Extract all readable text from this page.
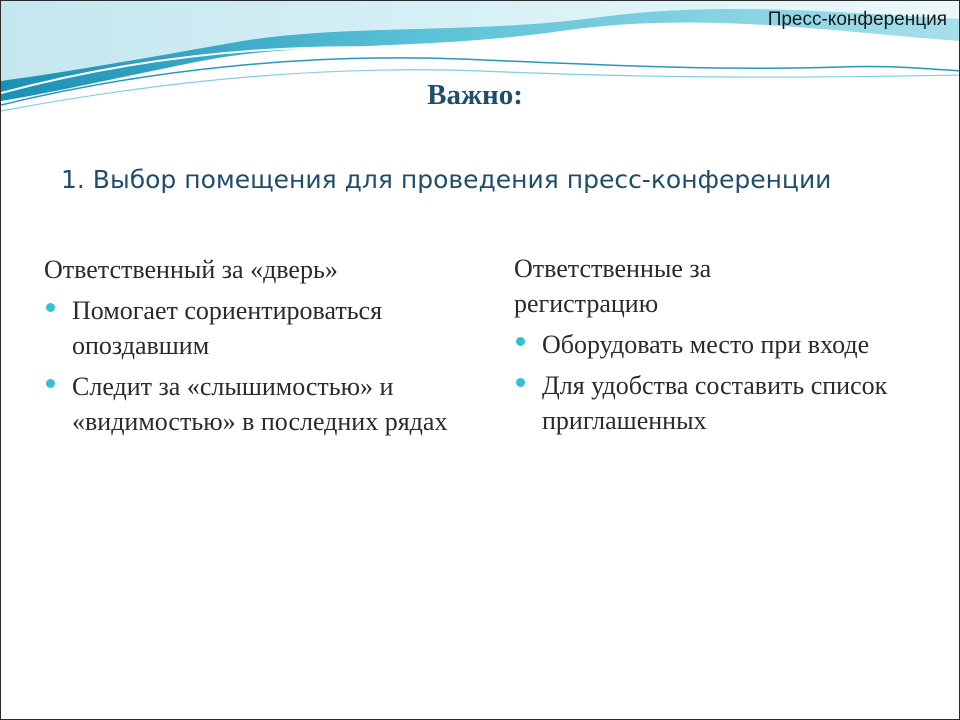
Пресс-конференция
Важно:
1. Выбор помещения для проведения пресс-конференции
Ответственный за «дверь»
Помогает сориентироваться опоздавшим
Следит за «слышимостью» и «видимостью» в последних рядах
Ответственные за регистрацию
Оборудовать место при входе
Для удобства составить список приглашенных
